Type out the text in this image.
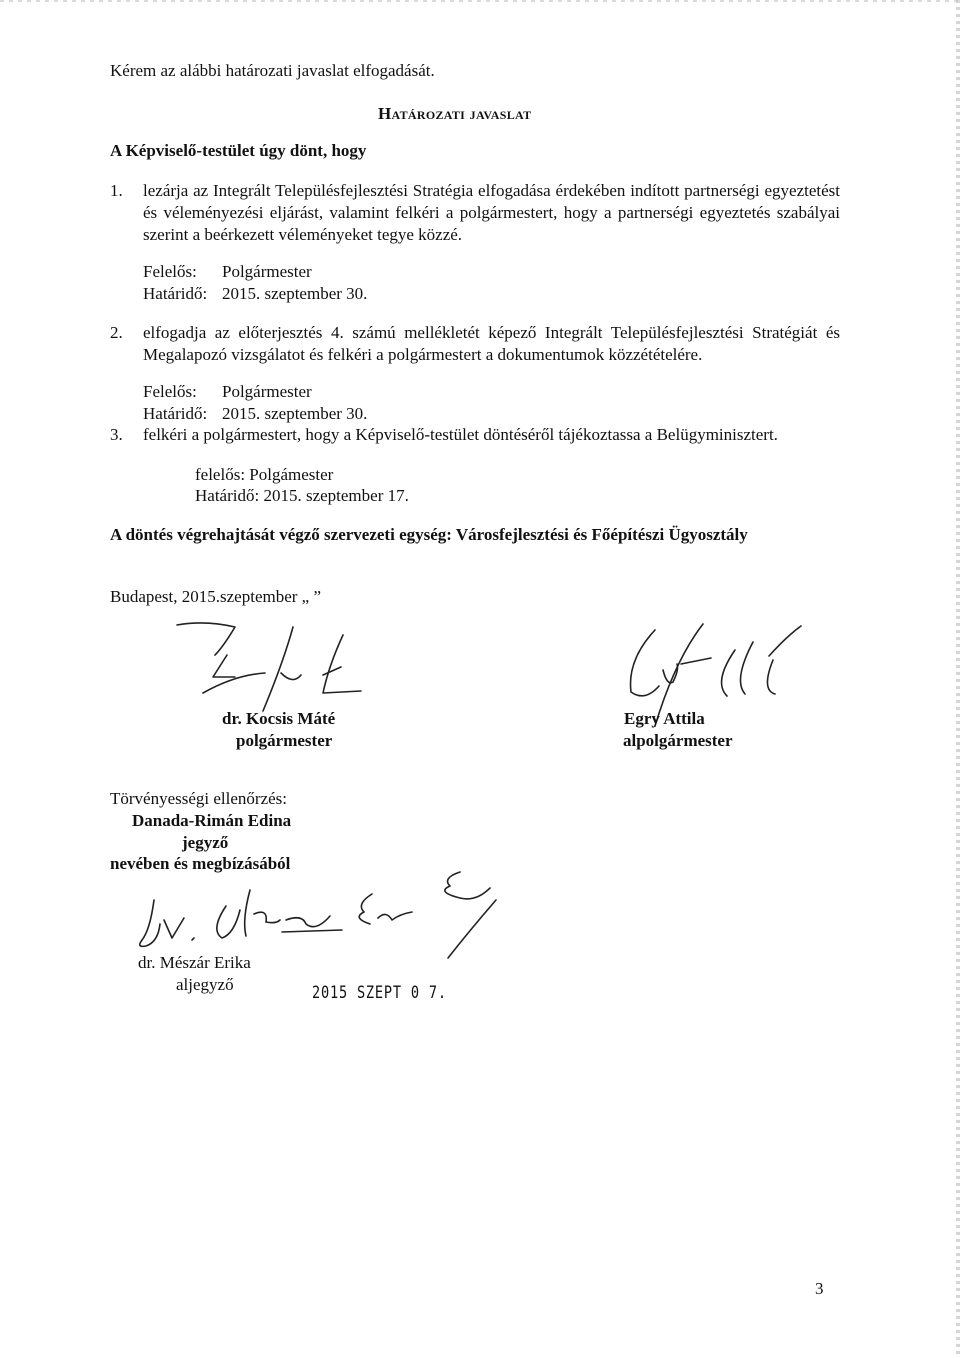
Kérem az alábbi határozati javaslat elfogadását.
Határozati javaslat
A Képviselő-testület úgy dönt, hogy
1.	lezárja az Integrált Településfejlesztési Stratégia elfogadása érdekében indított partnerségi egyeztetést és véleményezési eljárást, valamint felkéri a polgármestert, hogy a partnerségi egyeztetés szabályai szerint a beérkezett véleményeket tegye közzé.
Felelős: Polgármester
Határidő: 2015. szeptember 30.
2. elfogadja az előterjesztés 4. számú mellékletét képező Integrált Településfejlesztési Stratégiát és Megalapozó vizsgálatot és felkéri a polgármestert a dokumentumok közzétételére.
Felelős: Polgármester
Határidő: 2015. szeptember 30.
3. felkéri a polgármestert, hogy a Képviselő-testület döntéséről tájékoztassa a Belügyminisztert.
felelős: Polgámester
Határidő: 2015. szeptember 17.
A döntés végrehajtását végző szervezeti egység: Városfejlesztési és Főépítészi Ügyosztály
Budapest, 2015.szeptember „ ”
dr. Kocsis Máté
polgármester
Egry Attila
alpolgármester
Törvényességi ellenőrzés:
Danada-Rimán Edina
jegyző
nevében és megbízásából
dr. Mészár Erika
aljegyző	2015 SZEPT 0 7.
3
